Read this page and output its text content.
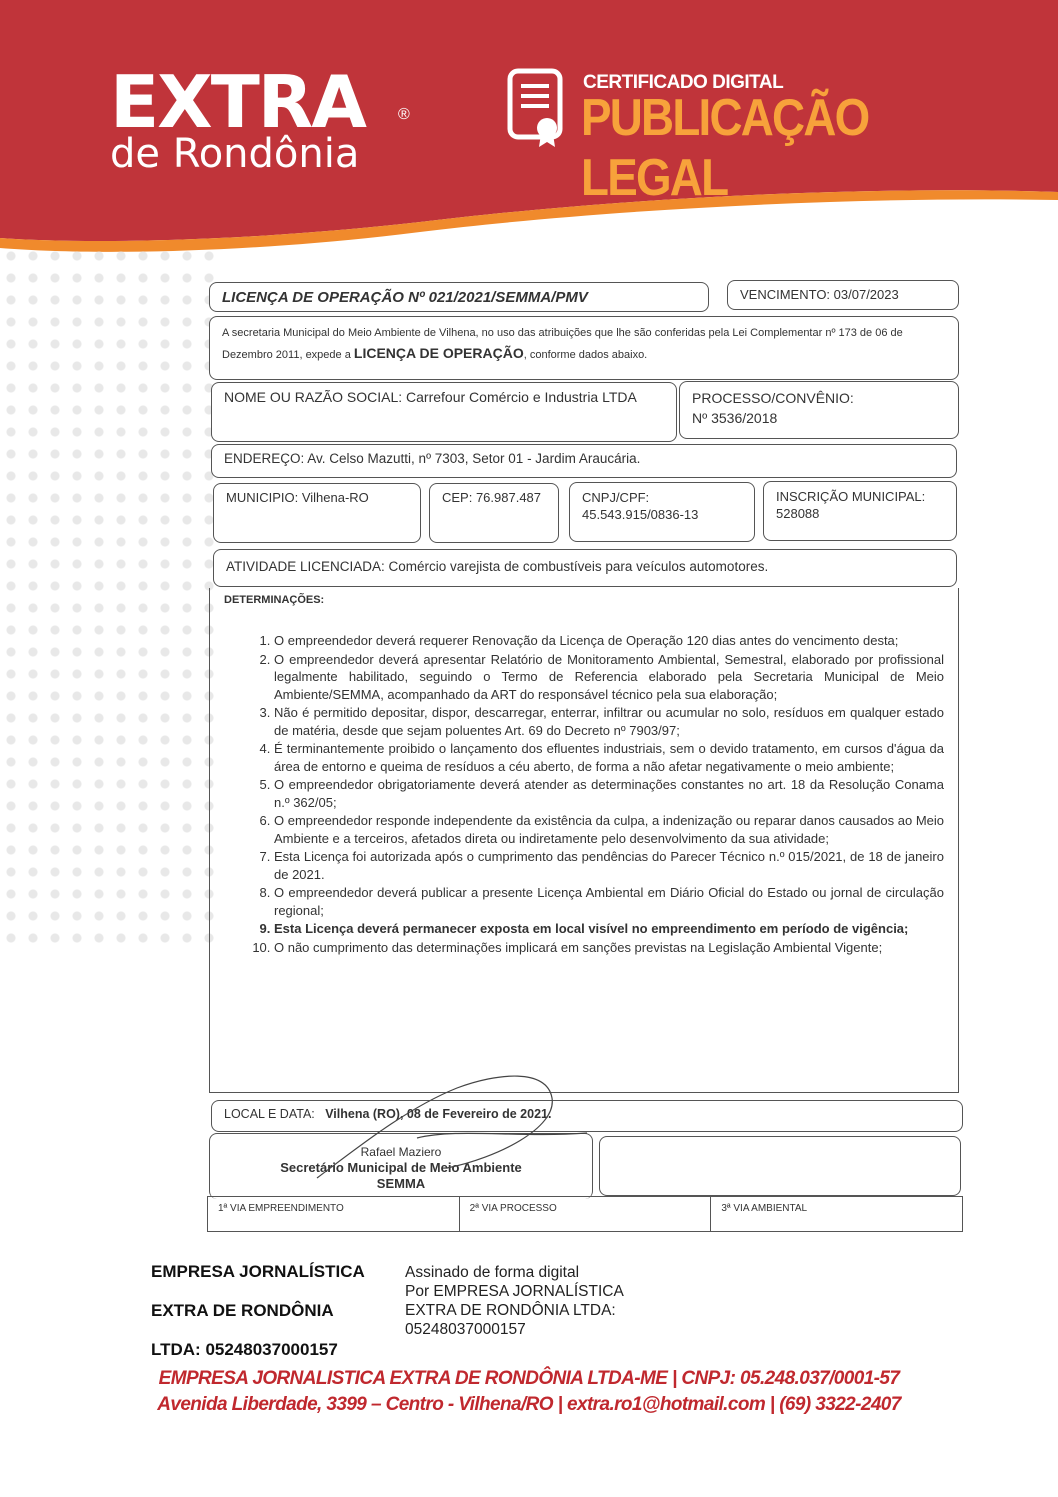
EXTRA ®
de Rondônia
CERTIFICADO DIGITAL
PUBLICAÇÃO LEGAL
LICENÇA DE OPERAÇÃO Nº 021/2021/SEMMA/PMV	VENCIMENTO: 03/07/2023
A secretaria Municipal do Meio Ambiente de Vilhena, no uso das atribuições que lhe são conferidas pela Lei Complementar nº 173 de 06 de Dezembro 2011, expede a LICENÇA DE OPERAÇÃO, conforme dados abaixo.
NOME OU RAZÃO SOCIAL: Carrefour Comércio e Industria LTDA	PROCESSO/CONVÊNIO:
Nº 3536/2018
ENDEREÇO: Av. Celso Mazutti, nº 7303, Setor 01 - Jardim Araucária.
MUNICIPIO: Vilhena-RO	CEP: 76.987.487	CNPJ/CPF:
45.543.915/0836-13
INSCRIÇÃO MUNICIPAL:
528088
ATIVIDADE LICENCIADA: Comércio varejista de combustíveis para veículos automotores.
DETERMINAÇÕES:
1. O empreendedor deverá requerer Renovação da Licença de Operação 120 dias antes do vencimento desta;
2. O empreendedor deverá apresentar Relatório de Monitoramento Ambiental, Semestral, elaborado por profissional legalmente habilitado, seguindo o Termo de Referencia elaborado pela Secretaria Municipal de Meio Ambiente/SEMMA, acompanhado da ART do responsável técnico pela sua elaboração;
3. Não é permitido depositar, dispor, descarregar, enterrar, infiltrar ou acumular no solo, resíduos em qualquer estado de matéria, desde que sejam poluentes Art. 69 do Decreto nº 7903/97;
4. É terminantemente proibido o lançamento dos efluentes industriais, sem o devido tratamento, em cursos d'água da área de entorno e queima de resíduos a céu aberto, de forma a não afetar negativamente o meio ambiente;
5. O empreendedor obrigatoriamente deverá atender as determinações constantes no art. 18 da Resolução Conama n.º 362/05;
6. O empreendedor responde independente da existência da culpa, a indenização ou reparar danos causados ao Meio Ambiente e a terceiros, afetados direta ou indiretamente pelo desenvolvimento da sua atividade;
7. Esta Licença foi autorizada após o cumprimento das pendências do Parecer Técnico n.º 015/2021, de 18 de janeiro de 2021.
8. O empreendedor deverá publicar a presente Licença Ambiental em Diário Oficial do Estado ou jornal de circulação regional;
9. Esta Licença deverá permanecer exposta em local visível no empreendimento em período de vigência;
10. O não cumprimento das determinações implicará em sanções previstas na Legislação Ambiental Vigente;
LOCAL E DATA: Vilhena (RO), 08 de Fevereiro de 2021.
Rafael Maziero
Secretário Municipal de Meio Ambiente
SEMMA
1ª VIA EMPREENDIMENTO	2ª VIA PROCESSO	3ª VIA AMBIENTAL
EMPRESA JORNALÍSTICA
EXTRA DE RONDÔNIA
LTDA: 05248037000157
Assinado de forma digital
Por EMPRESA JORNALÍSTICA
EXTRA DE RONDÔNIA LTDA:
05248037000157
EMPRESA JORNALISTICA EXTRA DE RONDÔNIA LTDA-ME | CNPJ: 05.248.037/0001-57
Avenida Liberdade, 3399 – Centro - Vilhena/RO | extra.ro1@hotmail.com | (69) 3322-2407
